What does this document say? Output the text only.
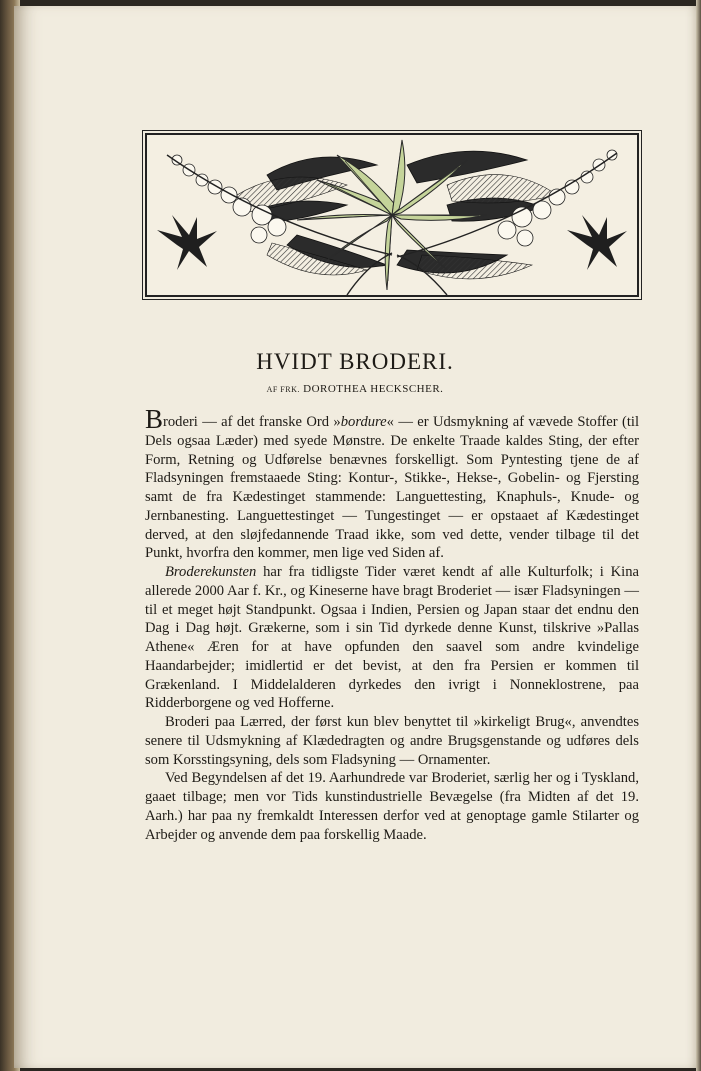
HVIDT BRODERI.
AF FRK. DOROTHEA HECKSCHER.

Broderi — af det franske Ord »bordure« — er Udsmykning af vævede Stoffer (til Dels ogsaa Læder) med syede Mønstre. De enkelte Traade kaldes Sting, der efter Form, Retning og Udførelse benævnes forskelligt. Som Pyntesting tjene de af Fladsyningen fremstaaede Sting: Kontur-, Stikke-, Hekse-, Gobelin- og Fjersting samt de fra Kædestinget stammende: Languettesting, Knaphuls-, Knude- og Jernbanesting. Languettestinget — Tungestinget — er opstaaet af Kædestinget derved, at den sløjfedannende Traad ikke, som ved dette, vender tilbage til det Punkt, hvorfra den kommer, men lige ved Siden af.

Broderekunsten har fra tidligste Tider været kendt af alle Kulturfolk; i Kina allerede 2000 Aar f. Kr., og Kineserne have bragt Broderiet — især Fladsyningen — til et meget højt Standpunkt. Ogsaa i Indien, Persien og Japan staar det endnu den Dag i Dag højt. Grækerne, som i sin Tid dyrkede denne Kunst, tilskrive »Pallas Athene« Æren for at have opfunden den saavel som andre kvindelige Haandarbejder; imidlertid er det bevist, at den fra Persien er kommen til Grækenland. I Middelalderen dyrkedes den ivrigt i Nonneklostrene, paa Ridderborgene og ved Hofferne.

Broderi paa Lærred, der først kun blev benyttet til »kirkeligt Brug«, anvendtes senere til Udsmykning af Klædedragten og andre Brugsgenstande og udføres dels som Korsstingsyning, dels som Fladsyning — Ornamenter.

Ved Begyndelsen af det 19. Aarhundrede var Broderiet, særlig her og i Tyskland, gaaet tilbage; men vor Tids kunstindustrielle Bevægelse (fra Midten af det 19. Aarh.) har paa ny fremkaldt Interessen derfor ved at genoptage gamle Stilarter og Arbejder og anvende dem paa forskellig Maade.
